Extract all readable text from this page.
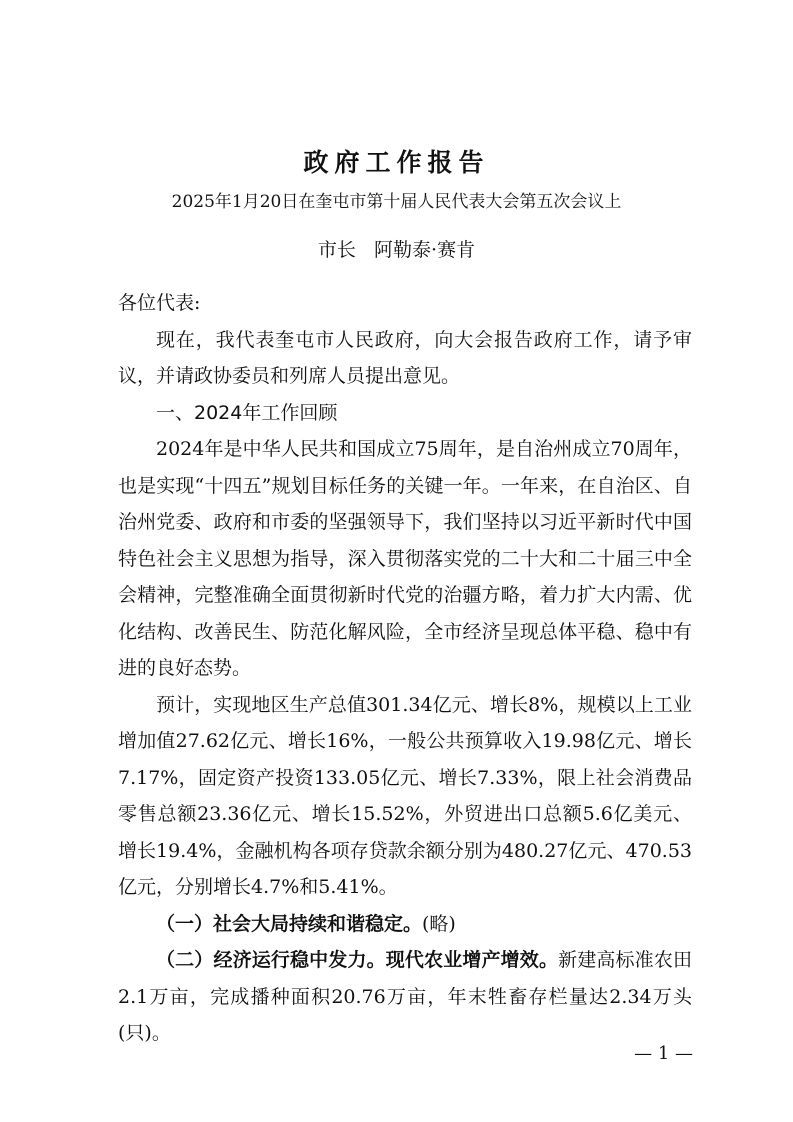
政府工作报告
2025年1月20日在奎屯市第十届人民代表大会第五次会议上
市长   阿勒泰·赛肯

各位代表:

现在，我代表奎屯市人民政府，向大会报告政府工作，请予审议，并请政协委员和列席人员提出意见。

一、2024年工作回顾

2024年是中华人民共和国成立75周年，是自治州成立70周年，也是实现“十四五”规划目标任务的关键一年。一年来，在自治区、自治州党委、政府和市委的坚强领导下，我们坚持以习近平新时代中国特色社会主义思想为指导，深入贯彻落实党的二十大和二十届三中全会精神，完整准确全面贯彻新时代党的治疆方略，着力扩大内需、优化结构、改善民生、防范化解风险，全市经济呈现总体平稳、稳中有进的良好态势。

预计，实现地区生产总值301.34亿元、增长8%，规模以上工业增加值27.62亿元、增长16%，一般公共预算收入19.98亿元、增长7.17%，固定资产投资133.05亿元、增长7.33%，限上社会消费品零售总额23.36亿元、增长15.52%，外贸进出口总额5.6亿美元、增长19.4%，金融机构各项存贷款余额分别为480.27亿元、470.53亿元，分别增长4.7%和5.41%。

（一）社会大局持续和谐稳定。(略)

（二）经济运行稳中发力。现代农业增产增效。新建高标准农田2.1万亩，完成播种面积20.76万亩，年末牲畜存栏量达2.34万头(只)。

— 1 —
